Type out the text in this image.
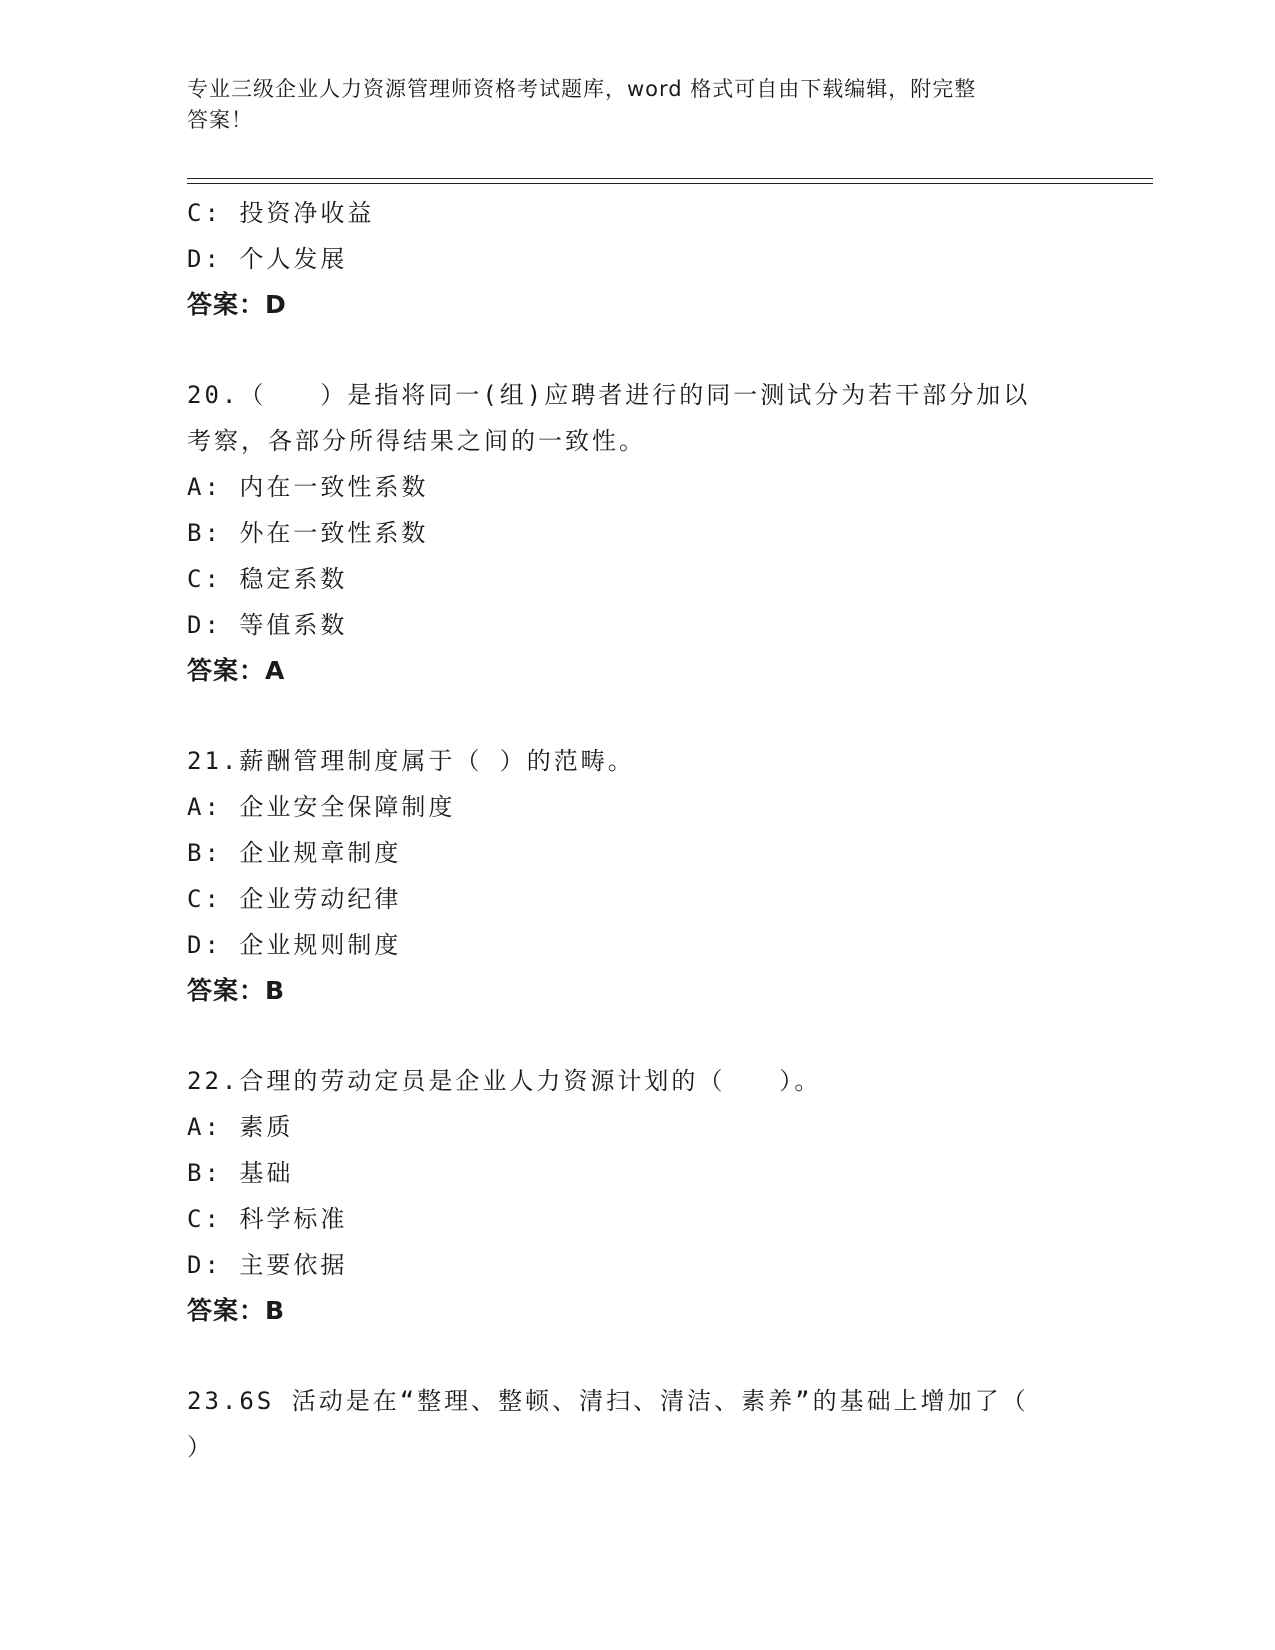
专业三级企业人力资源管理师资格考试题库，word 格式可自由下载编辑，附完整
答案！
C: 投资净收益
D: 个人发展
答案：D
20.（　　）是指将同一(组)应聘者进行的同一测试分为若干部分加以
考察，各部分所得结果之间的一致性。
A: 内在一致性系数
B: 外在一致性系数
C: 稳定系数
D: 等值系数
答案：A
21.薪酬管理制度属于（ ）的范畴。
A: 企业安全保障制度
B: 企业规章制度
C: 企业劳动纪律
D: 企业规则制度
答案：B
22.合理的劳动定员是企业人力资源计划的（　　）。
A: 素质
B: 基础
C: 科学标准
D: 主要依据
答案：B
23.6S 活动是在“整理、整顿、清扫、清洁、素养”的基础上增加了（
）
